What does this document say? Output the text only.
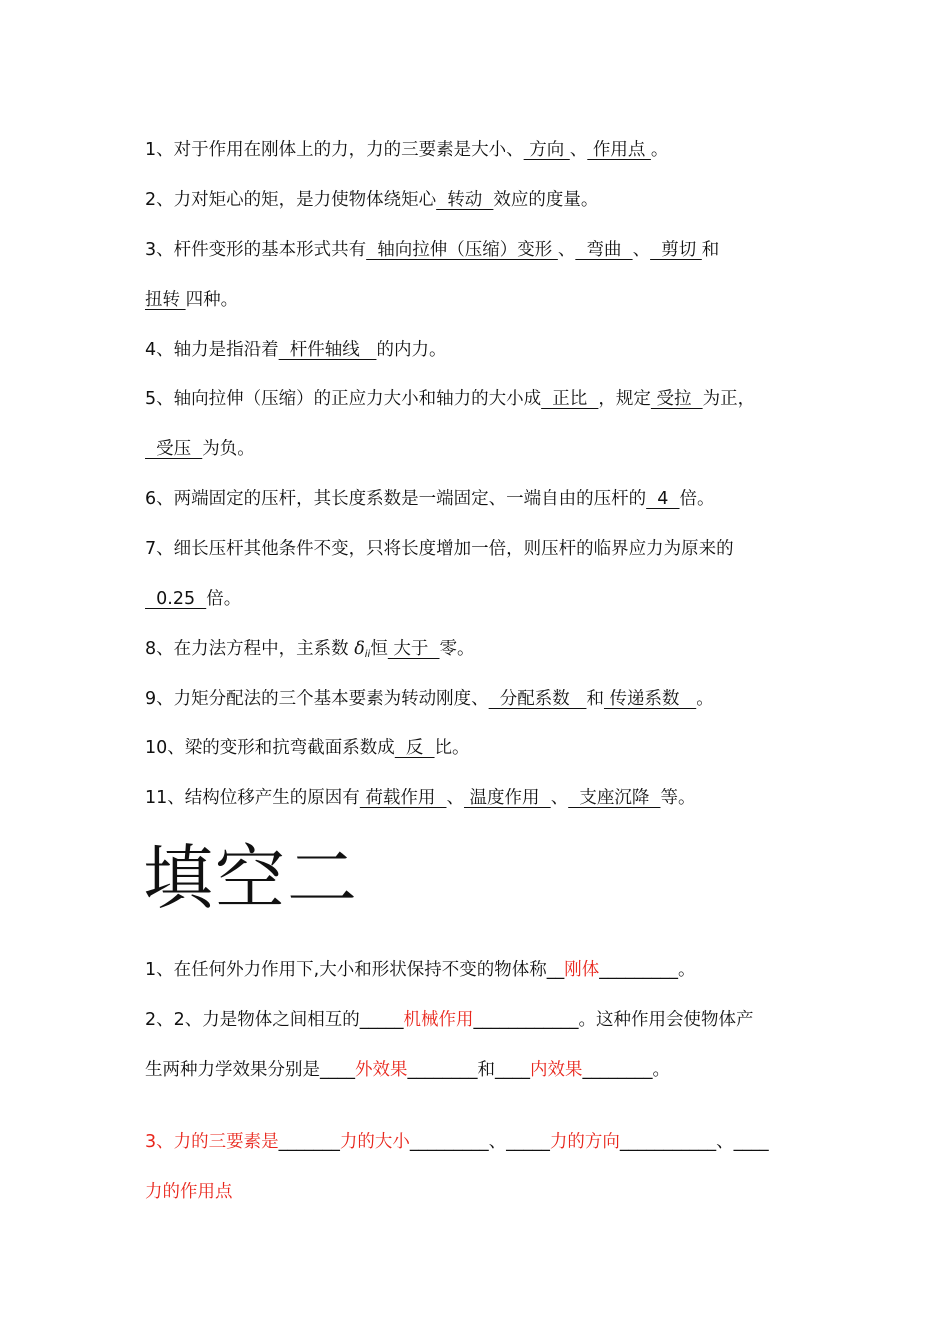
1、对于作用在刚体上的力，力的三要素是大小、 方向 、 作用点 。
2、力对矩心的矩，是力使物体绕矩心  转动  效应的度量。
3、杆件变形的基本形式共有  轴向拉伸（压缩）变形 、  弯曲  、  剪切 和
扭转 四种。
4、轴力是指沿着  杆件轴线   的内力。
5、轴向拉伸（压缩）的正应力大小和轴力的大小成  正比  ，规定 受拉  为正，
受压  为负。
6、两端固定的压杆，其长度系数是一端固定、一端自由的压杆的  4  倍。
7、细长压杆其他条件不变，只将长度增加一倍，则压杆的临界应力为原来的
0.25  倍。
8、在力法方程中，主系数 $\delta_{ii}$恒 大于  零。
9、力矩分配法的三个基本要素为转动刚度、  分配系数   和 传递系数   。
10、梁的变形和抗弯截面系数成  反  比。
11、结构位移产生的原因有 荷载作用  、 温度作用  、  支座沉降  等。
填空二
1、在任何外力作用下,大小和形状保持不变的物体称__刚体_________。
2、2、力是物体之间相互的_____机械作用____________。这种作用会使物体产
生两种力学效果分别是____外效果________和____内效果________。
3、力的三要素是_______力的大小_________、_____力的方向___________、____
力的作用点
